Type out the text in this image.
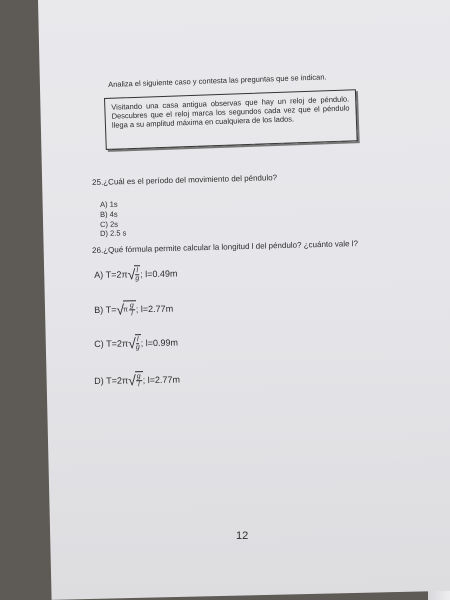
Analiza el siguiente caso y contesta las preguntas que se indican.
Visitando una casa antigua observas que hay un reloj de péndulo. Descubres que el reloj marca los segundos cada vez que el péndulo llega a su amplitud máxima en cualquiera de los lados.
25.¿Cuál es el período del movimiento del péndulo?
A) 1s
B) 4s
C) 2s
D) 2.5 s
26.¿Qué fórmula permite calcular la longitud l del péndulo? ¿cuánto vale l?
A)
T=2π √ $\frac{l}{g}$ ; l=0.49m
B)
T= √
π $\frac{g}{l}$ ; l=2.77m
C)
T=2π √ $\frac{l}{g}$ ; l=0.99m
D)
T=2π √ $\frac{g}{l}$ ; l=2.77m
12
